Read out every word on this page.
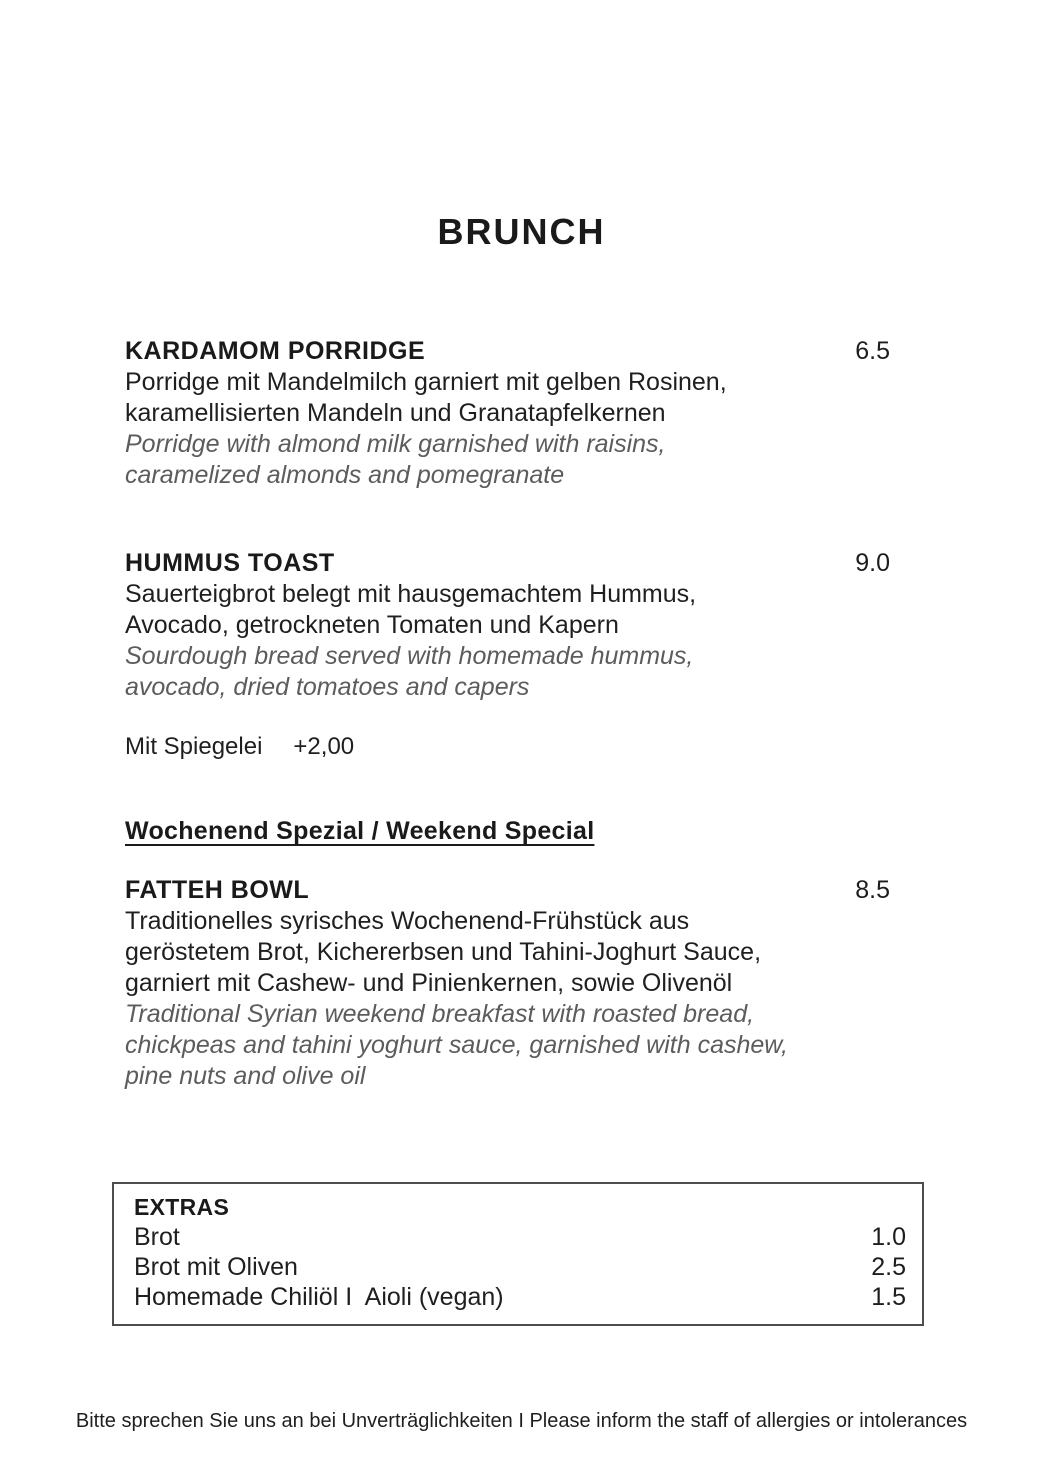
BRUNCH
KARDAMOM PORRIDGE	6.5
Porridge mit Mandelmilch garniert mit gelben Rosinen,
karamellisierten Mandeln und Granatapfelkernen
Porridge with almond milk garnished with raisins,
caramelized almonds and pomegranate
HUMMUS TOAST	9.0
Sauerteigbrot belegt mit hausgemachtem Hummus,
Avocado, getrockneten Tomaten und Kapern
Sourdough bread served with homemade hummus,
avocado, dried tomatoes and capers
Mit Spiegelei +2,00
Wochenend Spezial / Weekend Special
FATTEH BOWL	8.5
Traditionelles syrisches Wochenend-Frühstück aus
geröstetem Brot, Kichererbsen und Tahini-Joghurt Sauce,
garniert mit Cashew- und Pinienkernen, sowie Olivenöl
Traditional Syrian weekend breakfast with roasted bread,
chickpeas and tahini yoghurt sauce, garnished with cashew,
pine nuts and olive oil
EXTRAS
Brot	1.0
Brot mit Oliven	2.5
Homemade Chiliöl I  Aioli (vegan)	1.5
Bitte sprechen Sie uns an bei Unverträglichkeiten I Please inform the staff of allergies or intolerances
